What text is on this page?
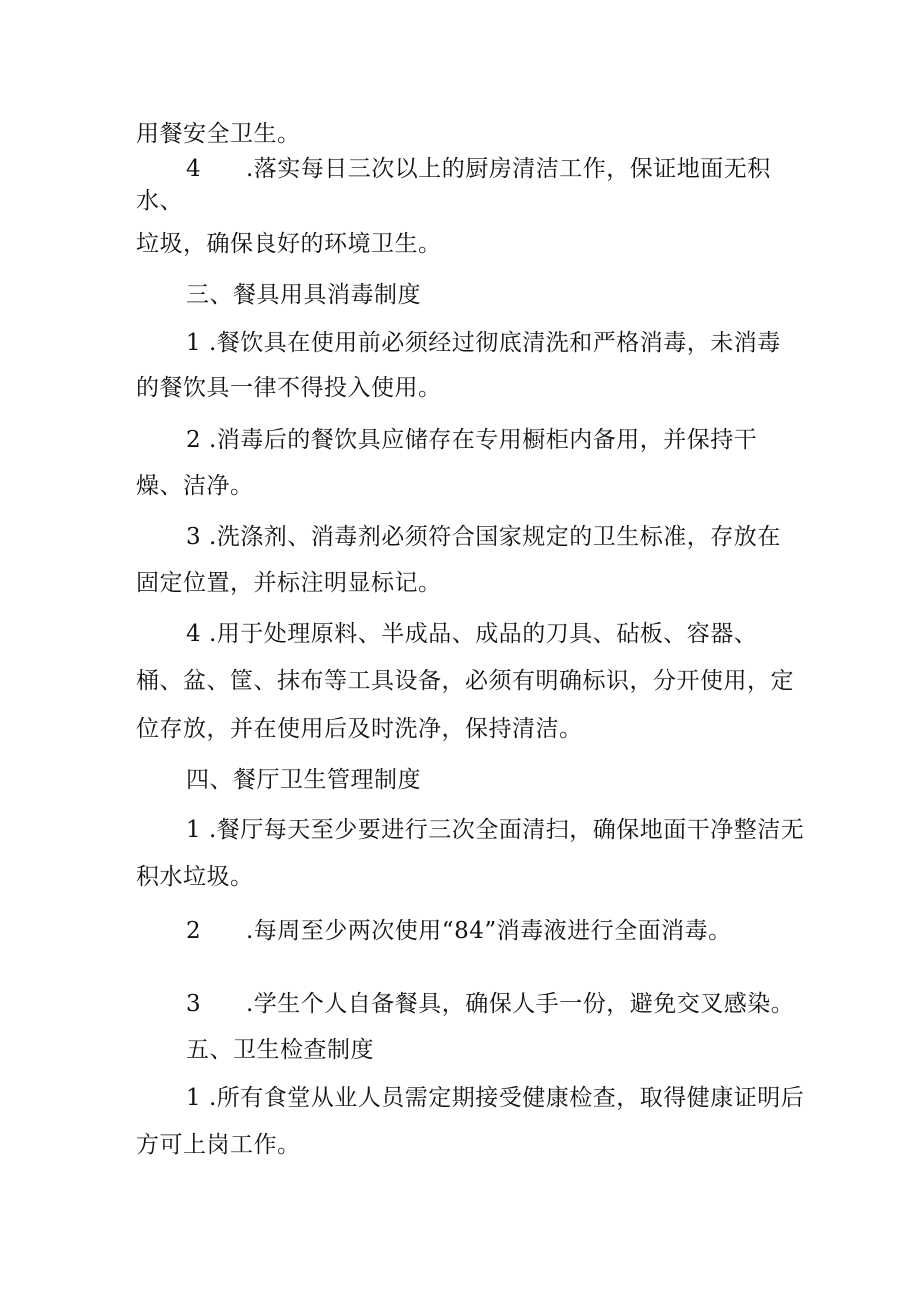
用餐安全卫生。

4 .落实每日三次以上的厨房清洁工作，保证地面无积

水、

垃圾，确保良好的环境卫生。

三、餐具用具消毒制度

1 .餐饮具在使用前必须经过彻底清洗和严格消毒，未消毒

的餐饮具一律不得投入使用。

2 .消毒后的餐饮具应储存在专用橱柜内备用，并保持干

燥、洁净。

3 .洗涤剂、消毒剂必须符合国家规定的卫生标准，存放在

固定位置，并标注明显标记。

4 .用于处理原料、半成品、成品的刀具、砧板、容器、

桶、盆、筐、抹布等工具设备，必须有明确标识，分开使用，定

位存放，并在使用后及时洗净，保持清洁。

四、餐厅卫生管理制度

1 .餐厅每天至少要进行三次全面清扫，确保地面干净整洁无

积水垃圾。

2 .每周至少两次使用“84”消毒液进行全面消毒。

3 .学生个人自备餐具，确保人手一份，避免交叉感染。

五、卫生检查制度

1 .所有食堂从业人员需定期接受健康检查，取得健康证明后

方可上岗工作。
